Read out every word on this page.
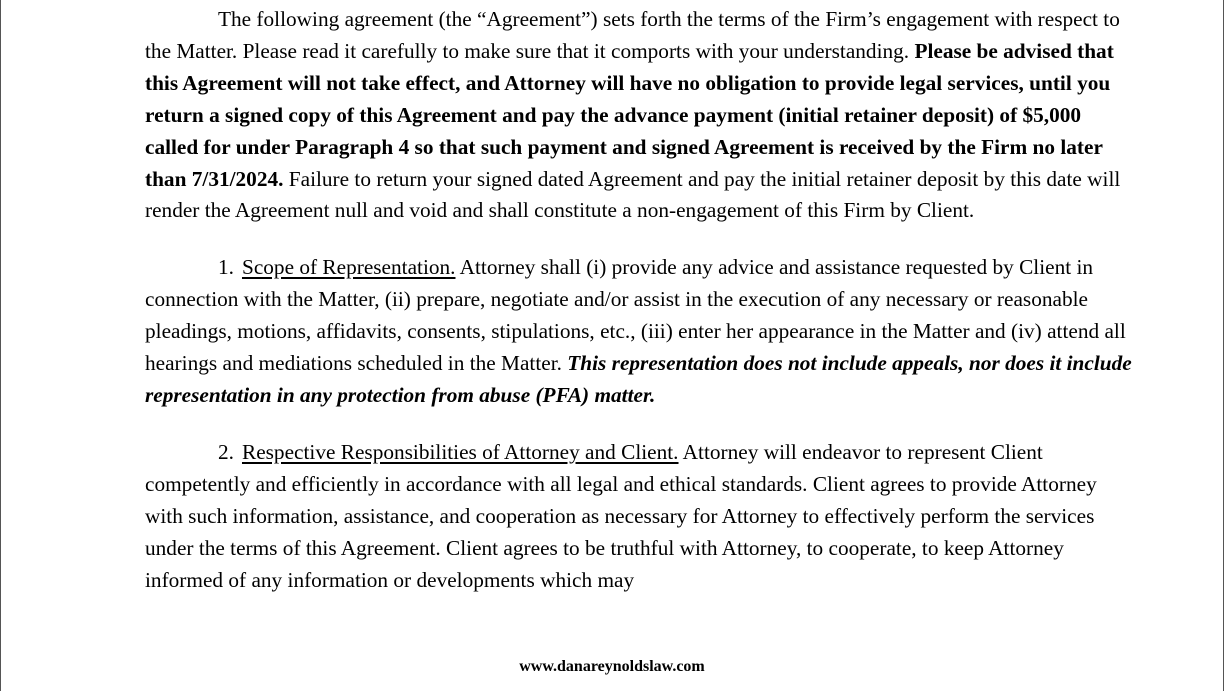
The following agreement (the “Agreement”) sets forth the terms of the Firm’s engagement with respect to the Matter. Please read it carefully to make sure that it comports with your understanding. Please be advised that this Agreement will not take effect, and Attorney will have no obligation to provide legal services, until you return a signed copy of this Agreement and pay the advance payment (initial retainer deposit) of $5,000 called for under Paragraph 4 so that such payment and signed Agreement is received by the Firm no later than 7/31/2024. Failure to return your signed dated Agreement and pay the initial retainer deposit by this date will render the Agreement null and void and shall constitute a non-engagement of this Firm by Client.

1. Scope of Representation. Attorney shall (i) provide any advice and assistance requested by Client in connection with the Matter, (ii) prepare, negotiate and/or assist in the execution of any necessary or reasonable pleadings, motions, affidavits, consents, stipulations, etc., (iii) enter her appearance in the Matter and (iv) attend all hearings and mediations scheduled in the Matter. This representation does not include appeals, nor does it include representation in any protection from abuse (PFA) matter.

2. Respective Responsibilities of Attorney and Client. Attorney will endeavor to represent Client competently and efficiently in accordance with all legal and ethical standards. Client agrees to provide Attorney with such information, assistance, and cooperation as necessary for Attorney to effectively perform the services under the terms of this Agreement. Client agrees to be truthful with Attorney, to cooperate, to keep Attorney informed of any information or developments which may

www.danareynoldslaw.com
